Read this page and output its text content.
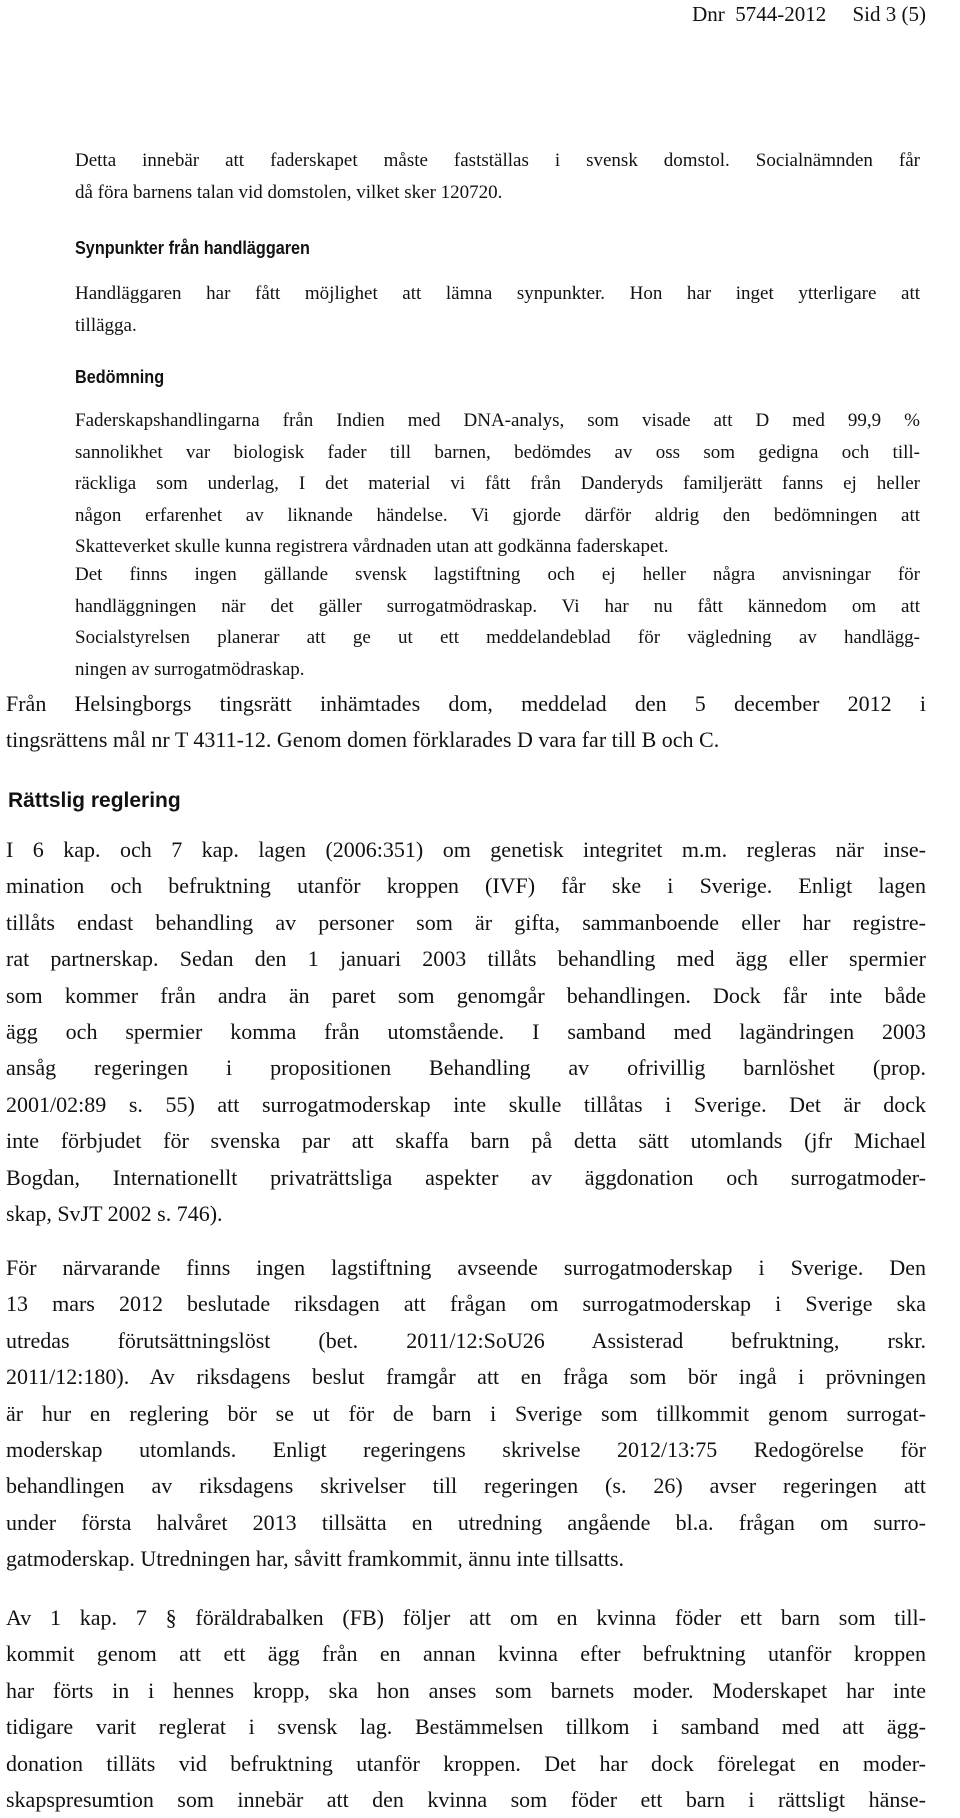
Dnr  5744-2012     Sid 3 (5)
Detta innebär att faderskapet måste fastställas i svensk domstol. Socialnämnden får
då föra barnens talan vid domstolen, vilket sker 120720.
Synpunkter från handläggaren
Handläggaren har fått möjlighet att lämna synpunkter. Hon har inget ytterligare att
tillägga.
Bedömning
Faderskapshandlingarna från Indien med DNA-analys, som visade att D med 99,9 %
sannolikhet var biologisk fader till barnen, bedömdes av oss som gedigna och till-
räckliga som underlag, I det material vi fått från Danderyds familjerätt fanns ej heller
någon erfarenhet av liknande händelse. Vi gjorde därför aldrig den bedömningen att
Skatteverket skulle kunna registrera vårdnaden utan att godkänna faderskapet.
Det finns ingen gällande svensk lagstiftning och ej heller några anvisningar för
handläggningen när det gäller surrogatmödraskap. Vi har nu fått kännedom om att
Socialstyrelsen planerar att ge ut ett meddelandeblad för vägledning av handlägg-
ningen av surrogatmödraskap.
Från Helsingborgs tingsrätt inhämtades dom, meddelad den 5 december 2012 i
tingsrättens mål nr T 4311-12. Genom domen förklarades D vara far till B och C.
Rättslig reglering
I 6 kap. och 7 kap. lagen (2006:351) om genetisk integritet m.m. regleras när inse-
mination och befruktning utanför kroppen (IVF) får ske i Sverige. Enligt lagen
tillåts endast behandling av personer som är gifta, sammanboende eller har registre-
rat partnerskap. Sedan den 1 januari 2003 tillåts behandling med ägg eller spermier
som kommer från andra än paret som genomgår behandlingen. Dock får inte både
ägg och spermier komma från utomstående. I samband med lagändringen 2003
ansåg regeringen i propositionen Behandling av ofrivillig barnlöshet (prop.
2001/02:89 s. 55) att surrogatmoderskap inte skulle tillåtas i Sverige. Det är dock
inte förbjudet för svenska par att skaffa barn på detta sätt utomlands (jfr Michael
Bogdan, Internationellt privaträttsliga aspekter av äggdonation och surrogatmoder-
skap, SvJT 2002 s. 746).
För närvarande finns ingen lagstiftning avseende surrogatmoderskap i Sverige. Den
13 mars 2012 beslutade riksdagen att frågan om surrogatmoderskap i Sverige ska
utredas förutsättningslöst (bet. 2011/12:SoU26 Assisterad befruktning, rskr.
2011/12:180). Av riksdagens beslut framgår att en fråga som bör ingå i prövningen
är hur en reglering bör se ut för de barn i Sverige som tillkommit genom surrogat-
moderskap utomlands. Enligt regeringens skrivelse 2012/13:75 Redogörelse för
behandlingen av riksdagens skrivelser till regeringen (s. 26) avser regeringen att
under första halvåret 2013 tillsätta en utredning angående bl.a. frågan om surro-
gatmoderskap. Utredningen har, såvitt framkommit, ännu inte tillsatts.
Av 1 kap. 7 § föräldrabalken (FB) följer att om en kvinna föder ett barn som till-
kommit genom att ett ägg från en annan kvinna efter befruktning utanför kroppen
har förts in i hennes kropp, ska hon anses som barnets moder. Moderskapet har inte
tidigare varit reglerat i svensk lag. Bestämmelsen tillkom i samband med att ägg-
donation tilläts vid befruktning utanför kroppen. Det har dock förelegat en moder-
skapspresumtion som innebär att den kvinna som föder ett barn i rättsligt hänse-
